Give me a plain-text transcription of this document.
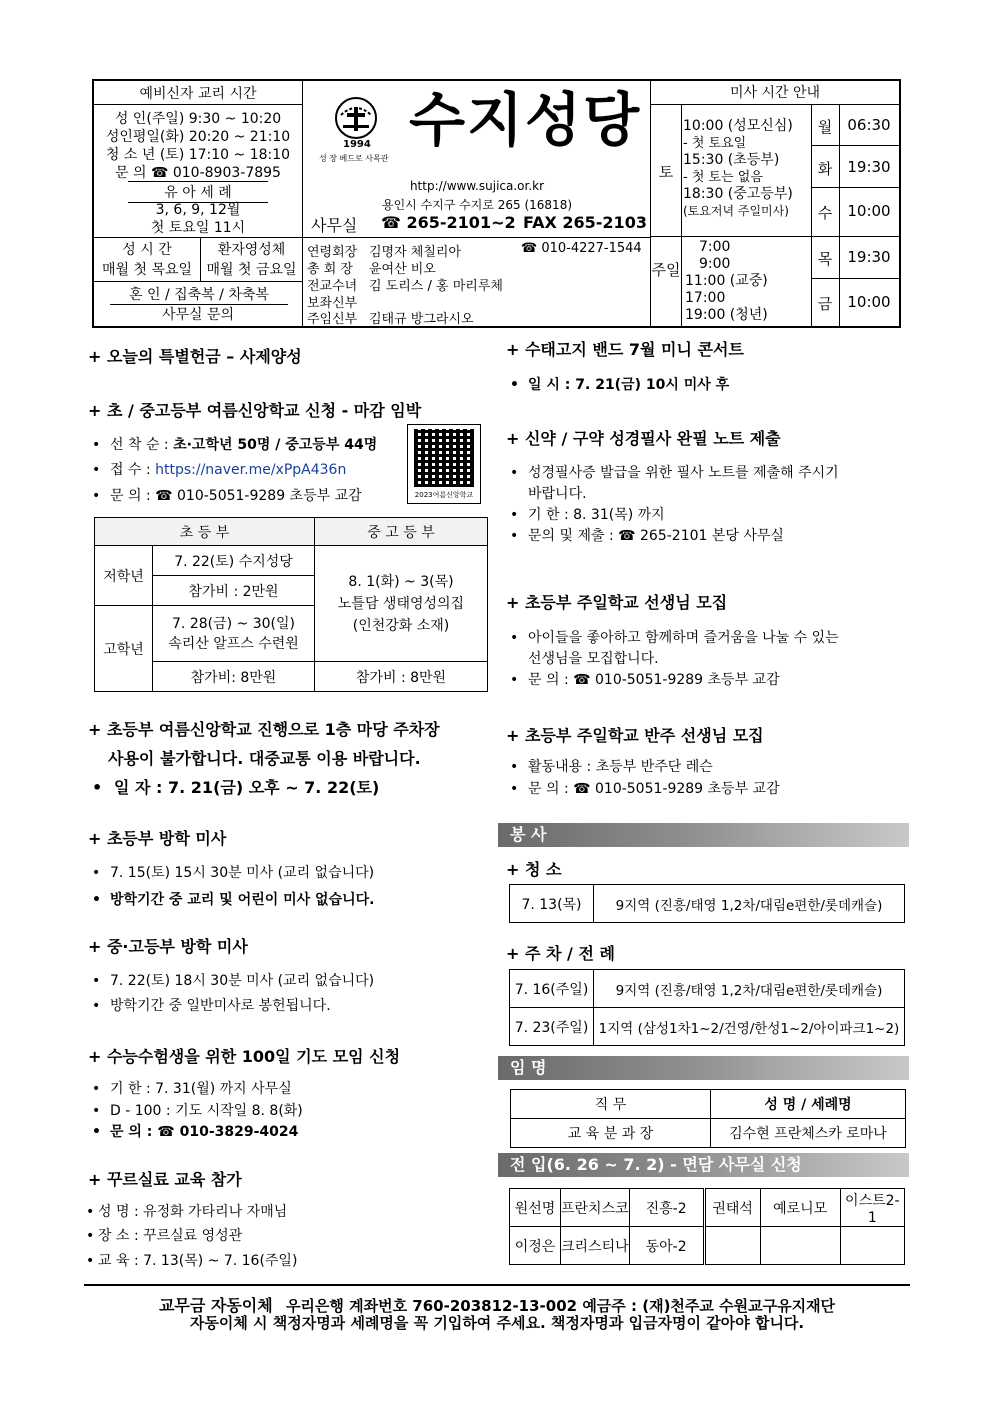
예비신자 교리 시간
성 인(주일) 9:30 ~ 10:20
성인평일(화) 20:20 ~ 21:10
청 소 년 (토) 17:10 ~ 18:10
문 의 ☎ 010-8903-7895
유 아 세 례
3, 6, 9, 12월
첫 토요일 11시
성 시 간
매월 첫 목요일
환자영성체
매월 첫 금요일
혼 인 / 집축복 / 차축복
사무실 문의
1994
성 장 베드로 사목관
수지성당
http://www.sujica.or.kr
용인시 수지구 수지로 265 (16818)
사무실 ☎ 265-2101~2 FAX 265-2103
연령회장 김명자 체칠리아	☎ 010-4227-1544
총 회 장 윤여산 비오
전교수녀 김 도리스 / 홍 마리루체
보좌신부
주임신부 김태규 방그라시오
미사 시간 안내
토
10:00 (성모신심)
- 첫 토요일
15:30 (초등부)
- 첫 토는 없음
18:30 (중고등부)
(토요저녁 주일미사)
주일
7:00
9:00
11:00 (교중)
17:00
19:00 (청년)
월	06:30
화	19:30
수	10:00
목	19:30
금	10:00
+ 오늘의 특별헌금 – 사제양성
+ 초 / 중고등부 여름신앙학교 신청 - 마감 임박
• 선 착 순 : 초·고학년 50명 / 중고등부 44명
• 접 수 : https://naver.me/xPpA436n
• 문 의 : ☎ 010-5051-9289 초등부 교감	2023여름신앙학교
초 등 부		중 고 등 부
저학년	7. 22(토) 수지성당	8. 1(화) ~ 3(목)
노틀담 생태영성의집
(인천강화 소재)

	참가비 : 2만원	
고학년	7. 28(금) ~ 30(일)
속리산 알프스 수련원	

	참가비: 8만원	참가비 : 8만원
+ 초등부 여름신앙학교 진행으로 1층 마당 주차장
사용이 불가합니다. 대중교통 이용 바랍니다.
• 일 자 : 7. 21(금) 오후 ~ 7. 22(토)
+ 초등부 방학 미사
• 7. 15(토) 15시 30분 미사 (교리 없습니다)
• 방학기간 중 교리 및 어린이 미사 없습니다.
+ 중·고등부 방학 미사
• 7. 22(토) 18시 30분 미사 (교리 없습니다)
• 방학기간 중 일반미사로 봉헌됩니다.
+ 수능수험생을 위한 100일 기도 모임 신청
• 기 한 : 7. 31(월) 까지 사무실
• D - 100 : 기도 시작일 8. 8(화)
• 문 의 : ☎ 010-3829-4024
+ 꾸르실료 교육 참가
• 성 명 : 유정화 가타리나 자매님
• 장 소 : 꾸르실료 영성관
• 교 육 : 7. 13(목) ~ 7. 16(주일)
+ 수태고지 밴드 7월 미니 콘서트
• 일 시 : 7. 21(금) 10시 미사 후
+ 신약 / 구약 성경필사 완필 노트 제출
• 성경필사증 발급을 위한 필사 노트를 제출해 주시기
바랍니다.
• 기 한 : 8. 31(목) 까지
• 문의 및 제출 : ☎ 265-2101 본당 사무실
+ 초등부 주일학교 선생님 모집
• 아이들을 좋아하고 함께하며 즐거움을 나눌 수 있는
선생님을 모집합니다.
• 문 의 : ☎ 010-5051-9289 초등부 교감
+ 초등부 주일학교 반주 선생님 모집
• 활동내용 : 초등부 반주단 레슨
• 문 의 : ☎ 010-5051-9289 초등부 교감
봉 사
+ 청 소
7. 13(목)	9지역 (진흥/태영 1,2차/대림e편한/롯데캐슬)
+ 주 차 / 전 례
7. 16(주일)	9지역 (진흥/태영 1,2차/대림e편한/롯데캐슬)
7. 23(주일)	1지역 (삼성1차1~2/건영/한성1~2/아이파크1~2)
임 명
직 무	성 명 / 세례명
교 육 분 과 장	김수현 프란체스카 로마나
전 입(6. 26 ~ 7. 2) - 면담 사무실 신청
원선명	프란치스코	진흥-2	권태석	예로니모	이스트2-1
이정은	크리스티나	동아-2			
교무금 자동이체 우리은행 계좌번호 760-203812-13-002 예금주 : (재)천주교 수원교구유지재단
자동이체 시 책정자명과 세례명을 꼭 기입하여 주세요. 책정자명과 입금자명이 같아야 합니다.
